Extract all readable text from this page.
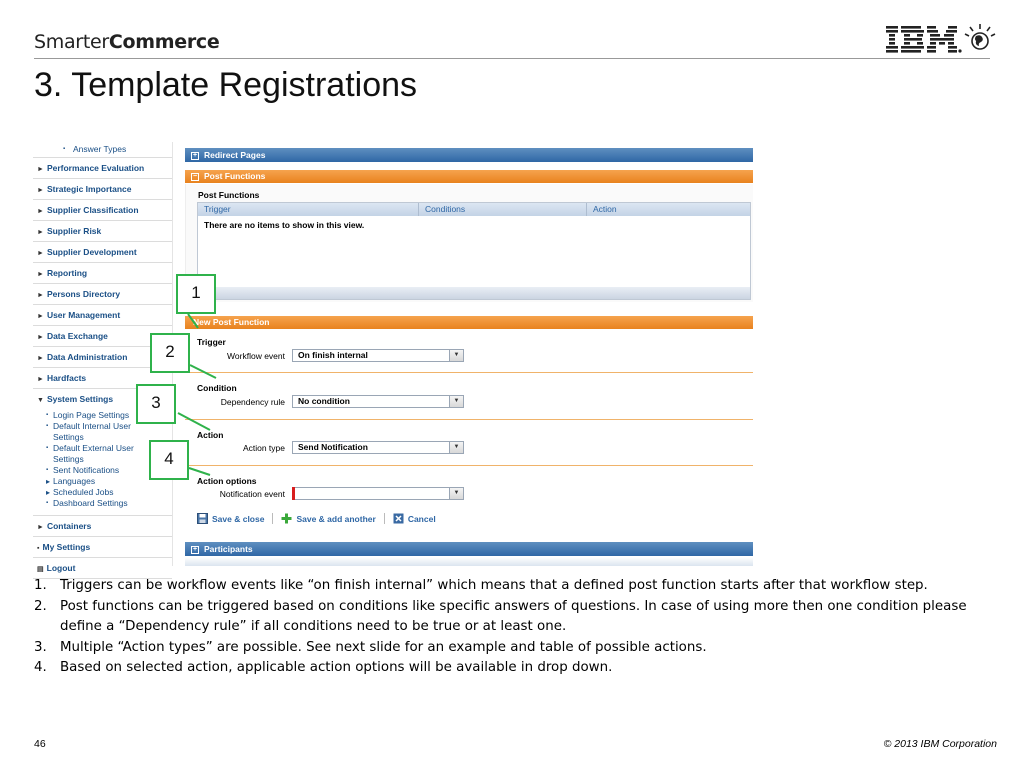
SmarterCommerce
3. Template Registrations
▪ Answer Types
► Performance Evaluation
► Strategic Importance
► Supplier Classification
► Supplier Risk
► Supplier Development
► Reporting
► Persons Directory
► User Management
► Data Exchange
► Data Administration
► Hardfacts
▼ System Settings
▪ Login Page Settings
▪ Default Internal User Settings
▪ Default External User Settings
▪ Sent Notifications
▸ Languages
▸ Scheduled Jobs
▪ Dashboard Settings
► Containers
▪ My Settings
▤ Logout
+ Redirect Pages
− Post Functions
Post Functions
Trigger	Conditions	Action
There are no items to show in this view.
New Post Function
Trigger
Workflow event	On finish internal	▼
Condition
Dependency rule	No condition	▼
Action
Action type	Send Notification	▼
Action options
Notification event	▼
Save & close	Save & add another	Cancel
+ Participants
1
2
3
4
1. Triggers can be workflow events like “on finish internal” which means that a defined post function starts after that workflow step.
2. Post functions can be triggered based on conditions like specific answers of questions. In case of using more then one condition please define a “Dependency rule” if all conditions need to be true or at least one.
3. Multiple “Action types” are possible. See next slide for an example and table of possible actions.
4. Based on selected action, applicable action options will be available in drop down.
46	© 2013 IBM Corporation
